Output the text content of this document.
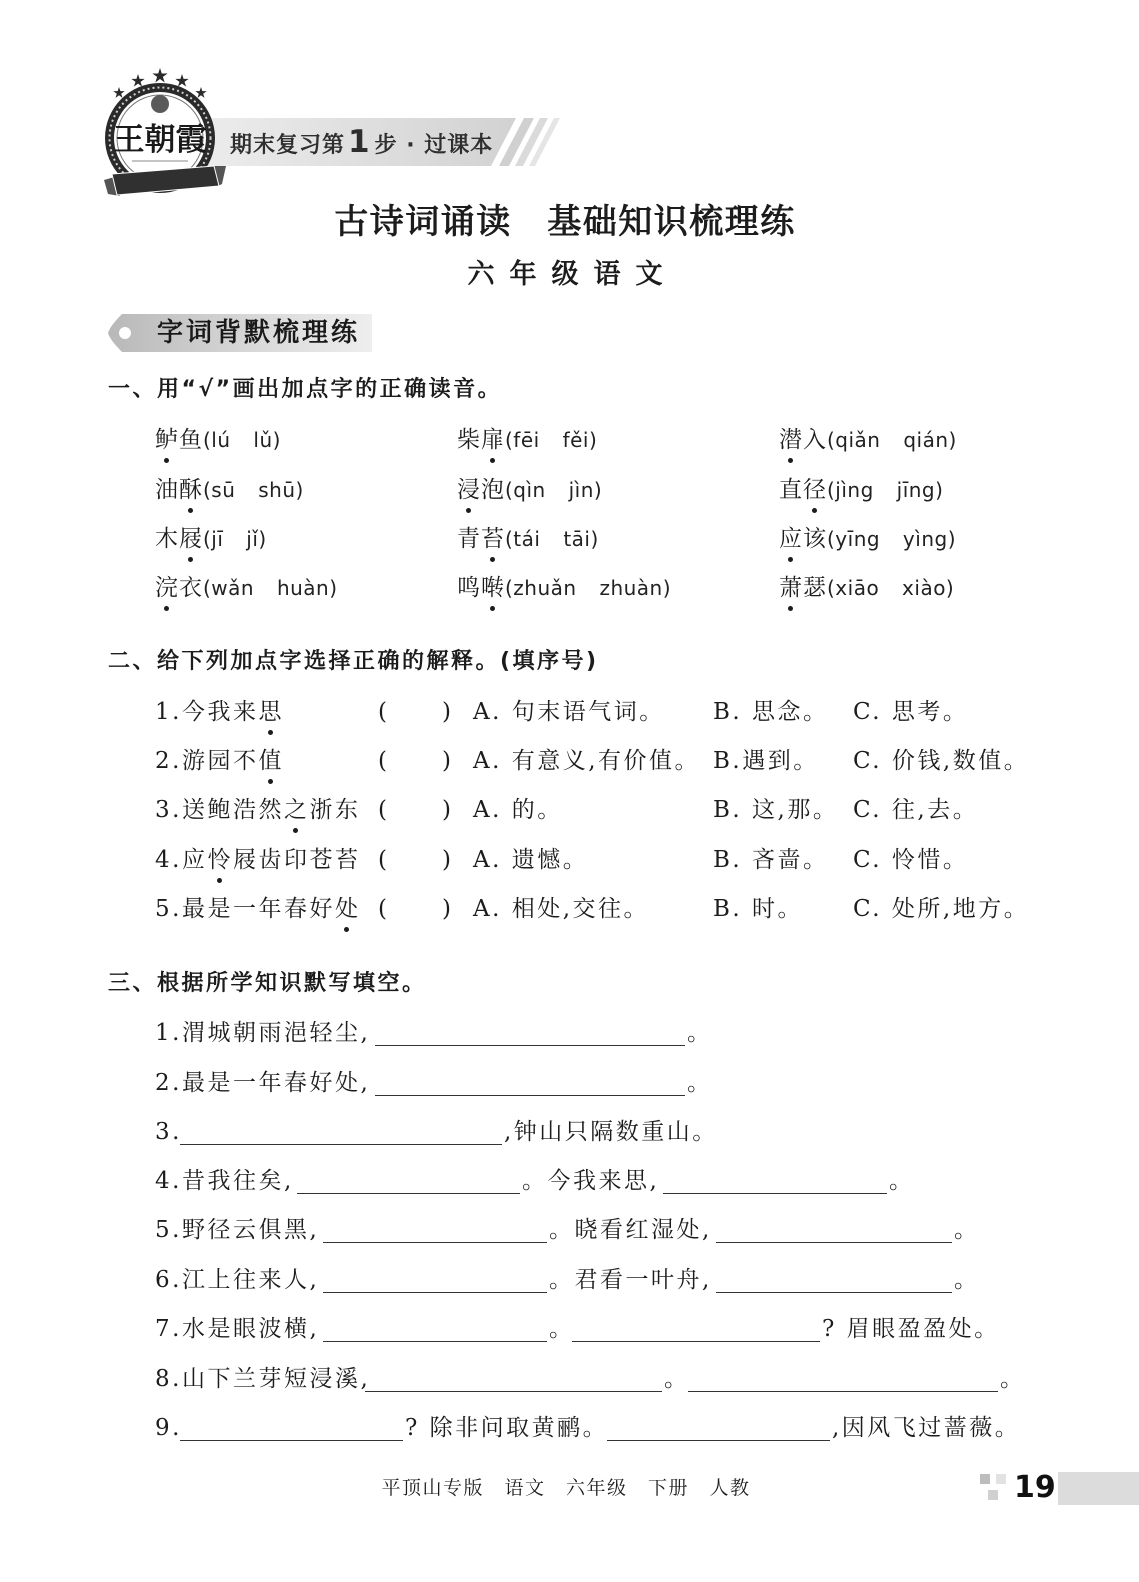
王朝霞 期末复习第1 步 · 过课本
古诗词诵读　基础知识梳理练
六年级语文
字词背默梳理练
一、用“√”画出加点字的正确读音。
鲈鱼(lú lǔ)	柴扉(fēi fěi)	潜入(qiǎn qián)
油酥(sū shū)	浸泡(qìn jìn)	直径(jìng jīng)
木屐(jī jǐ)	青苔(tái tāi)	应该(yīng yìng)
浣衣(wǎn huàn)	鸣啭(zhuǎn zhuàn)	萧瑟(xiāo xiào)
二、给下列加点字选择正确的解释。(填序号)
1. 今我来思	( ) A. 句末语气词。 B. 思念。 C. 思考。
2. 游园不值	( ) A. 有意义,有价值。 B.遇到。 C. 价钱,数值。
3. 送鲍浩然之浙东 ( ) A. 的。	B. 这,那。 C. 往,去。
4. 应怜屐齿印苍苔 ( ) A. 遗憾。	B. 吝啬。 C. 怜惜。
5. 最是一年春好处 ( ) A. 相处,交往。	B. 时。 C. 处所,地方。
三、根据所学知识默写填空。
1. 渭城朝雨浥轻尘,	。
2. 最是一年春好处,	。
3.	,钟山只隔数重山。
4. 昔我往矣,	。今我来思,	。
5. 野径云俱黑,	。晓看红湿处,	。
6. 江上往来人,	。君看一叶舟,	。
7. 水是眼波横,	。	? 眉眼盈盈处。
8. 山下兰芽短浸溪,	。	。
9.	? 除非问取黄鹂。	,因风飞过蔷薇。
平顶山专版　语文　六年级　下册　人教	19
